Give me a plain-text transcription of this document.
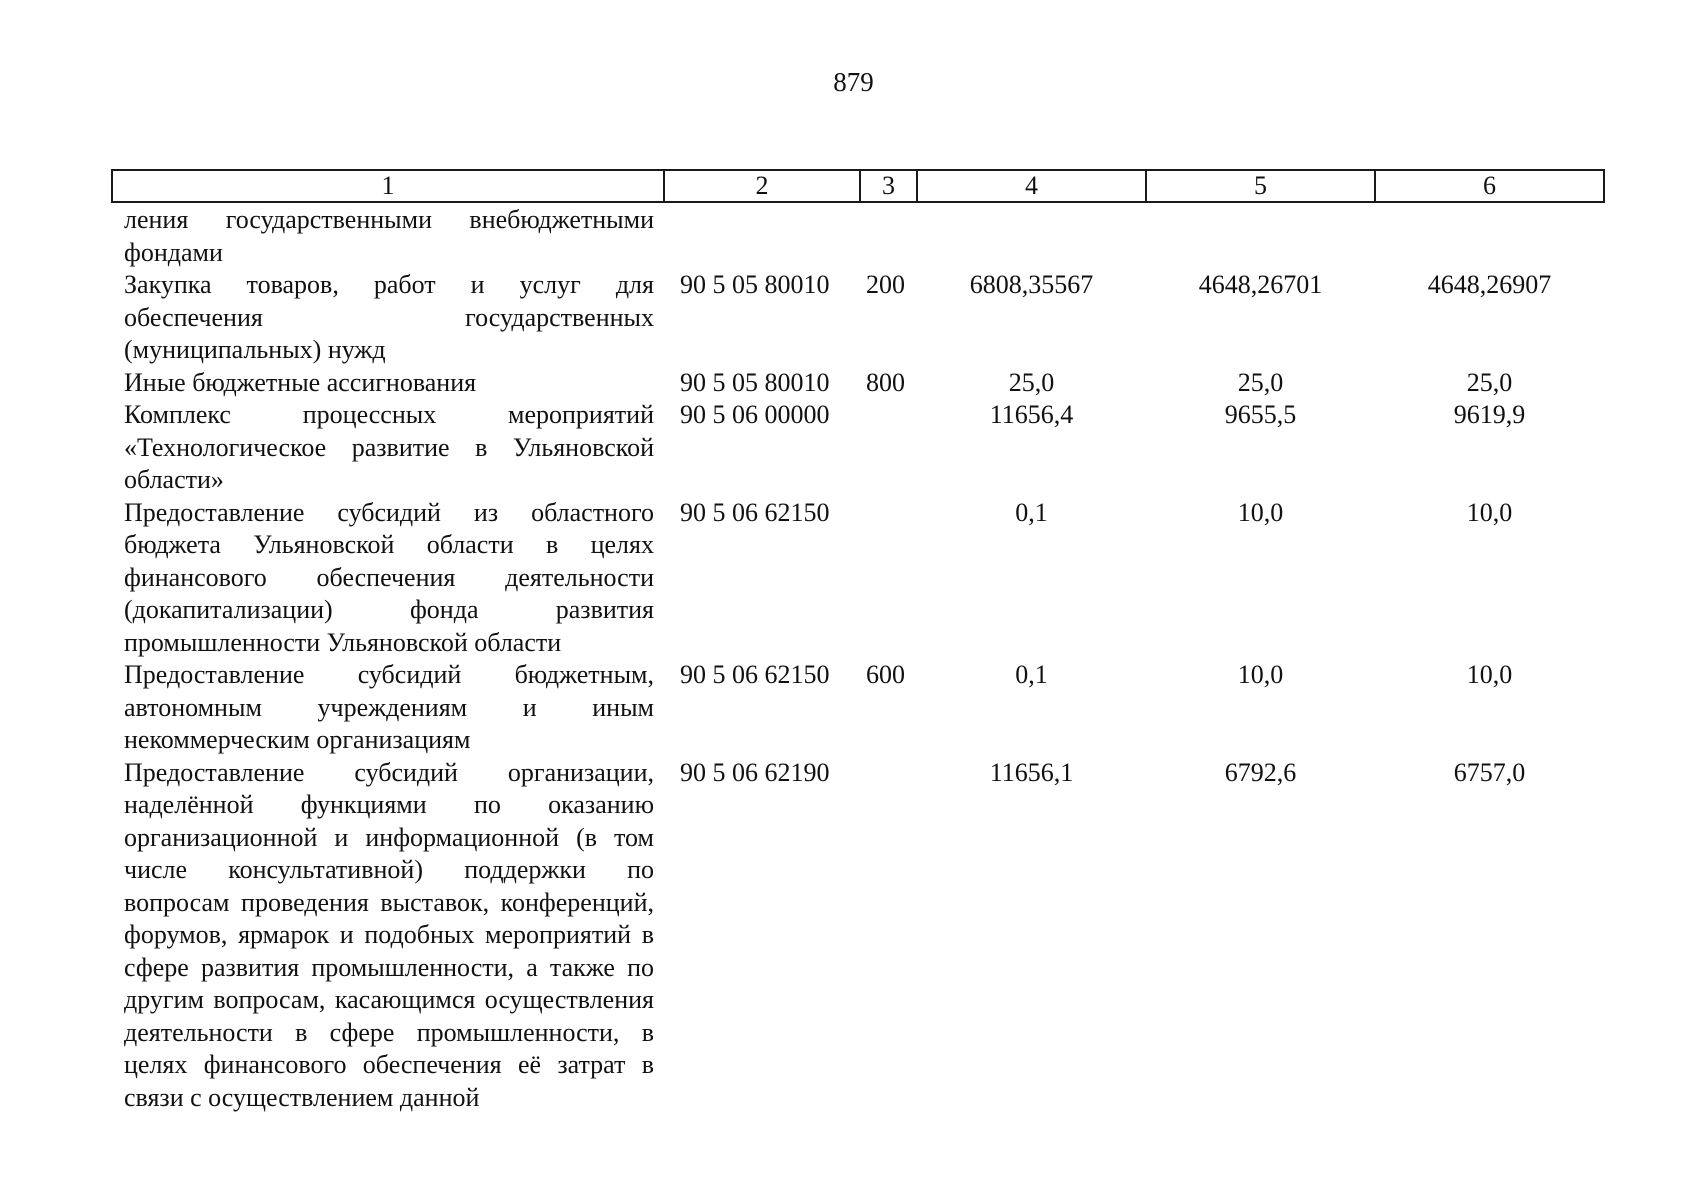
879
1	2	3	4	5	6
ления государственными внебюджетными фондами					
Закупка товаров, работ и услуг для обеспечения государственных (муниципальных) нужд	90 5 05 80010	200	6808,35567	4648,26701	4648,26907
Иные бюджетные ассигнования	90 5 05 80010	800	25,0	25,0	25,0
Комплекс процессных мероприятий «Технологическое развитие в Ульяновской области»	90 5 06 00000		11656,4	9655,5	9619,9
Предоставление субсидий из областного бюджета Ульяновской области в целях финансового обеспечения деятельности (докапитализации) фонда развития промышленности Ульяновской области	90 5 06 62150		0,1	10,0	10,0
Предоставление субсидий бюджетным, автономным учреждениям и иным некоммерческим организациям	90 5 06 62150	600	0,1	10,0	10,0
Предоставление субсидий организации, наделённой функциями по оказанию организационной и информационной (в том числе консультативной) поддержки по вопросам проведения выставок, конференций, форумов, ярмарок и подобных мероприятий в сфере развития промышленности, а также по другим вопросам, касающимся осуществления деятельности в сфере промышленности, в целях финансового обеспечения её затрат в связи с осуществлением данной	90 5 06 62190		11656,1	6792,6	6757,0
